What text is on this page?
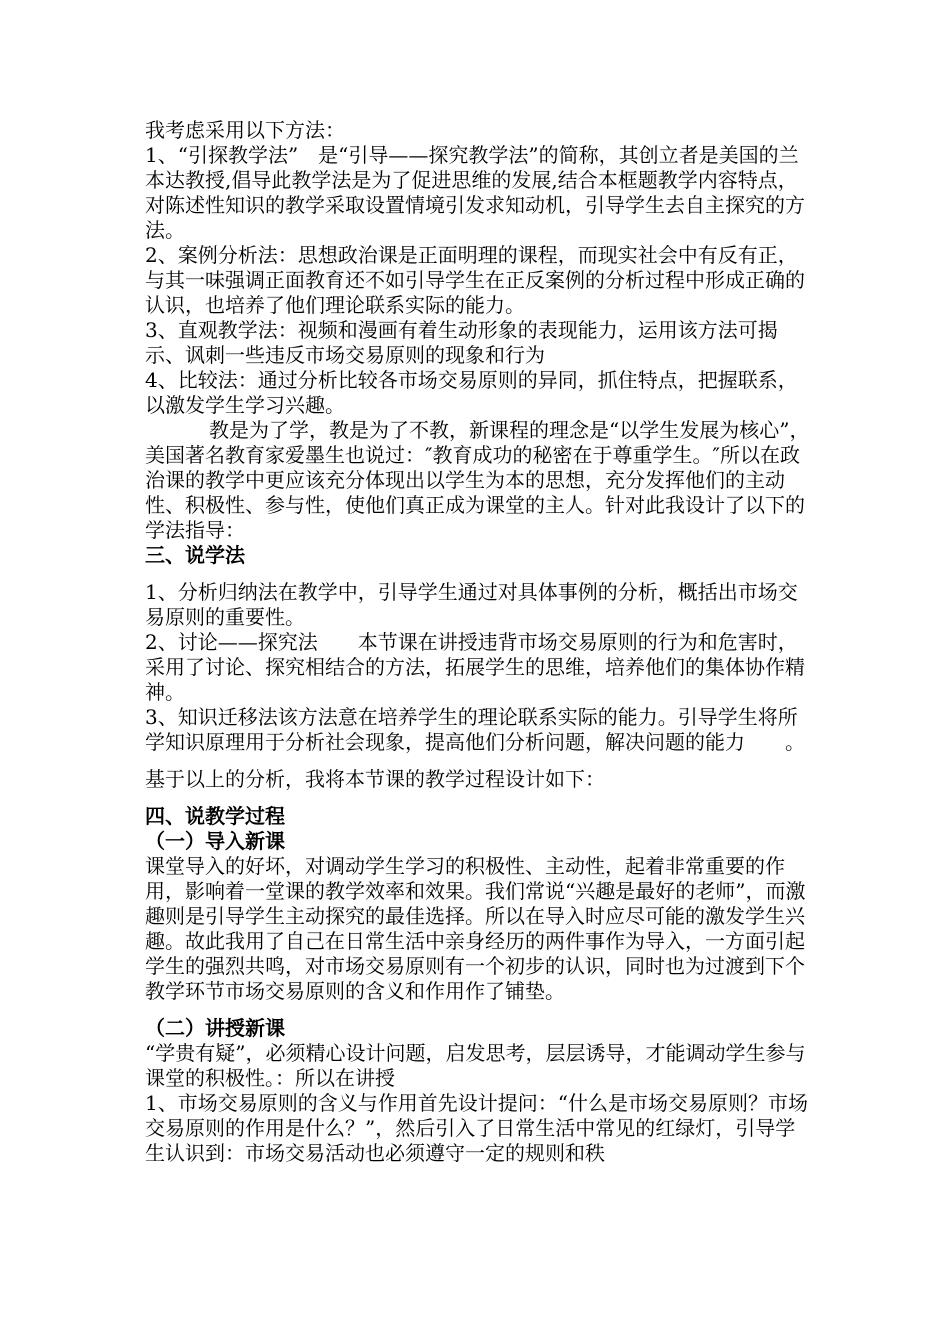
我考虑采用以下方法：

1、“引探教学法”　是“引导——探究教学法”的简称，其创立者是美国的兰本达教授,倡导此教学法是为了促进思维的发展,结合本框题教学内容特点，对陈述性知识的教学采取设置情境引发求知动机，引导学生去自主探究的方法。

2、案例分析法：思想政治课是正面明理的课程，而现实社会中有反有正，与其一味强调正面教育还不如引导学生在正反案例的分析过程中形成正确的认识，也培养了他们理论联系实际的能力。

3、直观教学法：视频和漫画有着生动形象的表现能力，运用该方法可揭示、讽刺一些违反市场交易原则的现象和行为

4、比较法：通过分析比较各市场交易原则的异同，抓住特点，把握联系，以激发学生学习兴趣。

教是为了学，教是为了不教，新课程的理念是“以学生发展为核心”，美国著名教育家爱墨生也说过：″教育成功的秘密在于尊重学生。″所以在政治课的教学中更应该充分体现出以学生为本的思想，充分发挥他们的主动性、积极性、参与性，使他们真正成为课堂的主人。针对此我设计了以下的学法指导：

三、说学法

1、分析归纳法在教学中，引导学生通过对具体事例的分析，概括出市场交易原则的重要性。

2、讨论——探究法　　本节课在讲授违背市场交易原则的行为和危害时，采用了讨论、探究相结合的方法，拓展学生的思维，培养他们的集体协作精神。

3、知识迁移法该方法意在培养学生的理论联系实际的能力。引导学生将所学知识原理用于分析社会现象，提高他们分析问题，解决问题的能力　　。

基于以上的分析，我将本节课的教学过程设计如下：

四、说教学过程

（一）导入新课

课堂导入的好坏，对调动学生学习的积极性、主动性，起着非常重要的作用，影响着一堂课的教学效率和效果。我们常说“兴趣是最好的老师”，而激趣则是引导学生主动探究的最佳选择。所以在导入时应尽可能的激发学生兴趣。故此我用了自己在日常生活中亲身经历的两件事作为导入，一方面引起学生的强烈共鸣，对市场交易原则有一个初步的认识，同时也为过渡到下个教学环节市场交易原则的含义和作用作了铺垫。

（二）讲授新课

“学贵有疑”，必须精心设计问题，启发思考，层层诱导，才能调动学生参与课堂的积极性。：所以在讲授

1、市场交易原则的含义与作用首先设计提问：“什么是市场交易原则？市场交易原则的作用是什么？”，然后引入了日常生活中常见的红绿灯，引导学生认识到：市场交易活动也必须遵守一定的规则和秩
